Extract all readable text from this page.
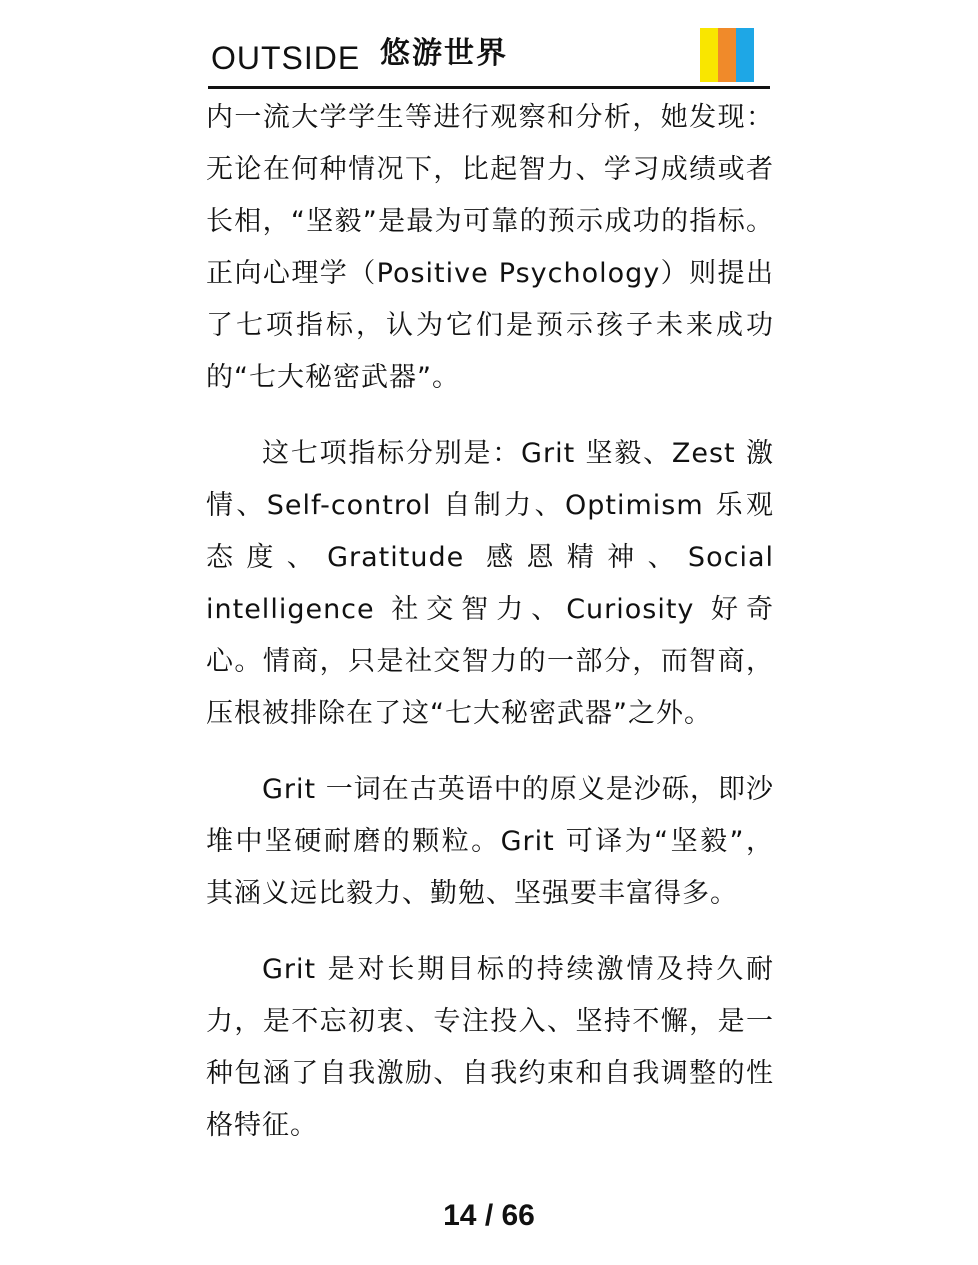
OUTSIDE 悠游世界

内一流大学学生等进行观察和分析，她发现：无论在何种情况下，比起智力、学习成绩或者长相，“坚毅”是最为可靠的预示成功的指标。正向心理学（Positive Psychology）则提出了七项指标，认为它们是预示孩子未来成功的“七大秘密武器”。

这七项指标分别是：Grit 坚毅、Zest 激情、Self-control 自制力、Optimism 乐观态度、Gratitude 感恩精神、Social intelligence 社交智力、Curiosity 好奇心。情商，只是社交智力的一部分，而智商，压根被排除在了这“七大秘密武器”之外。

Grit 一词在古英语中的原义是沙砾，即沙堆中坚硬耐磨的颗粒。Grit 可译为“坚毅”，其涵义远比毅力、勤勉、坚强要丰富得多。

Grit 是对长期目标的持续激情及持久耐力，是不忘初衷、专注投入、坚持不懈，是一种包涵了自我激励、自我约束和自我调整的性格特征。

14 / 66
